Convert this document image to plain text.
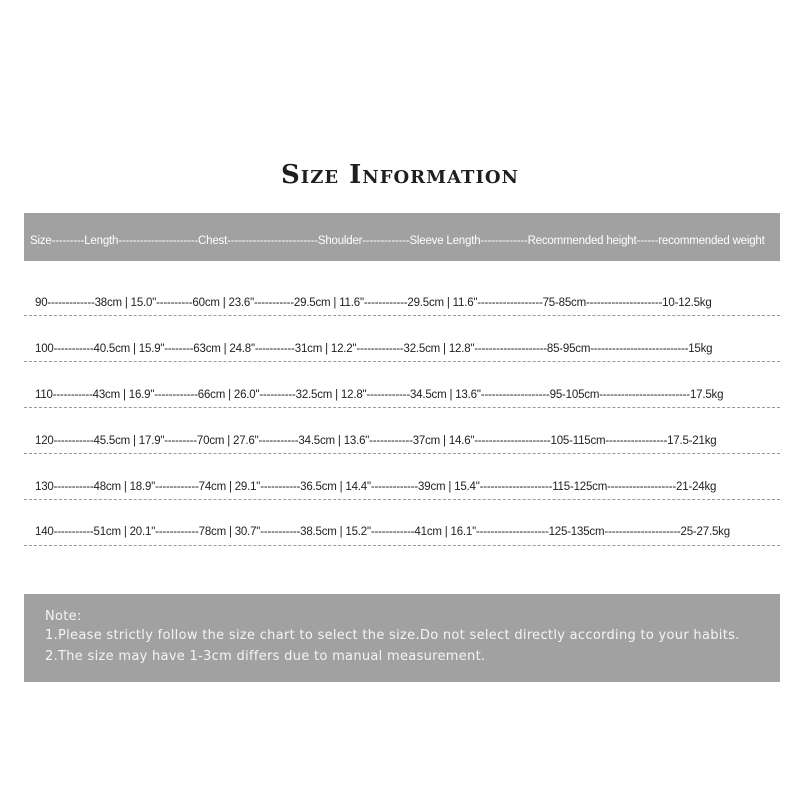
Size Information
Size---------Length----------------------Chest-------------------------Shoulder-------------Sleeve Length-------------Recommended height------recommended weight
90-------------38cm | 15.0"----------60cm | 23.6"-----------29.5cm | 11.6"------------29.5cm | 11.6"------------------75-85cm---------------------10-12.5kg
100-----------40.5cm | 15.9"--------63cm | 24.8"-----------31cm | 12.2"-------------32.5cm | 12.8"--------------------85-95cm---------------------------15kg
110-----------43cm | 16.9"------------66cm | 26.0"----------32.5cm | 12.8"------------34.5cm | 13.6"-------------------95-105cm-------------------------17.5kg
120-----------45.5cm | 17.9"---------70cm | 27.6"-----------34.5cm | 13.6"------------37cm | 14.6"---------------------105-115cm-----------------17.5-21kg
130-----------48cm | 18.9"------------74cm | 29.1"-----------36.5cm | 14.4"-------------39cm | 15.4"--------------------115-125cm-------------------21-24kg
140-----------51cm | 20.1"------------78cm | 30.7"-----------38.5cm | 15.2"------------41cm | 16.1"--------------------125-135cm---------------------25-27.5kg
Note:
1.Please strictly follow the size chart to select the size.Do not select directly according to your habits.
2.The size may have 1-3cm differs due to manual measurement.
